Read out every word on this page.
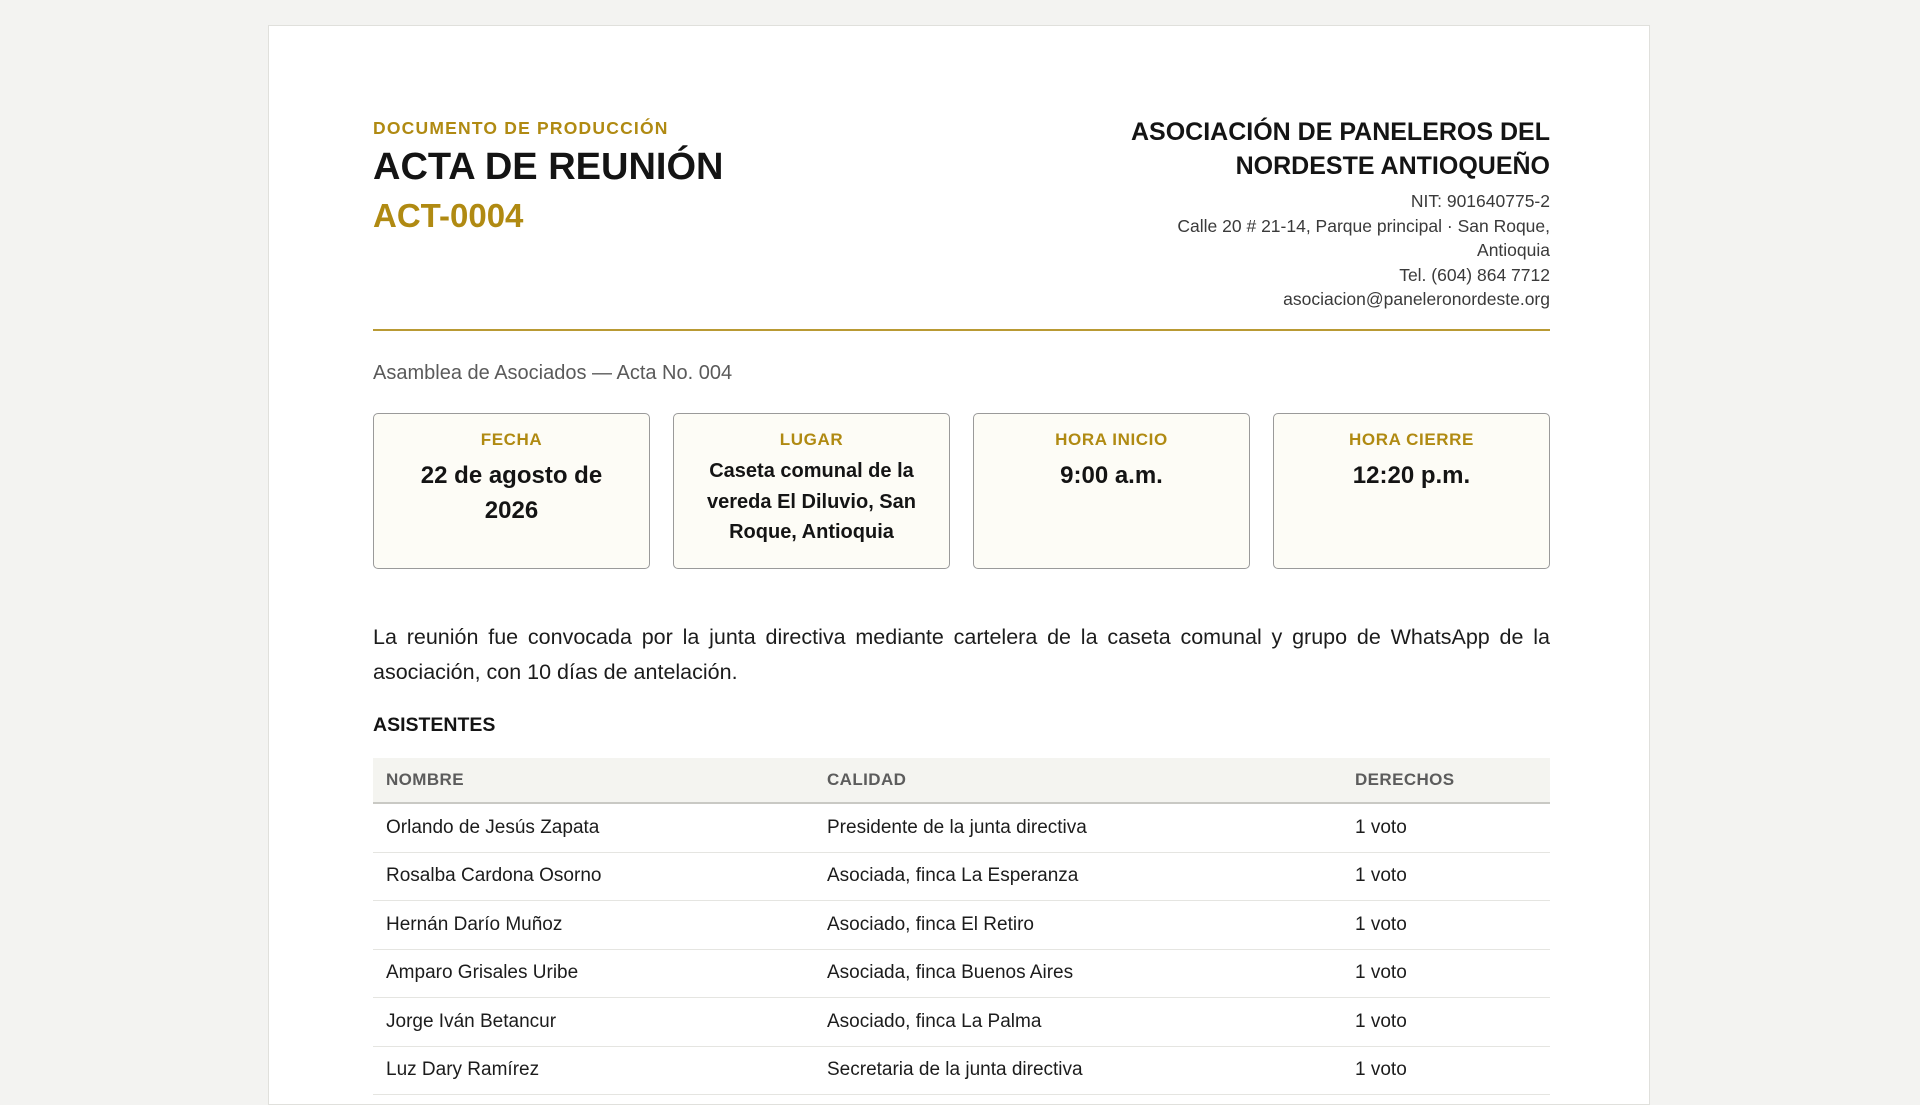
DOCUMENTO DE PRODUCCIÓN
ACTA DE REUNIÓN
ACT-0004
ASOCIACIÓN DE PANELEROS DEL
NORDESTE ANTIOQUEÑO
NIT: 901640775-2
Calle 20 # 21-14, Parque principal · San Roque,
Antioquia
Tel. (604) 864 7712
asociacion@paneleronordeste.org
Asamblea de Asociados — Acta No. 004
FECHA
22 de agosto de 2026
LUGAR
Caseta comunal de la vereda El Diluvio, San Roque, Antioquia
HORA INICIO
9:00 a.m.
HORA CIERRE
12:20 p.m.
La reunión fue convocada por la junta directiva mediante cartelera de la caseta comunal y grupo de WhatsApp de la asociación, con 10 días de antelación.
ASISTENTES
NOMBRE	CALIDAD	DERECHOS
Orlando de Jesús Zapata	Presidente de la junta directiva	1 voto
Rosalba Cardona Osorno	Asociada, finca La Esperanza	1 voto
Hernán Darío Muñoz	Asociado, finca El Retiro	1 voto
Amparo Grisales Uribe	Asociada, finca Buenos Aires	1 voto
Jorge Iván Betancur	Asociado, finca La Palma	1 voto
Luz Dary Ramírez	Secretaria de la junta directiva	1 voto
